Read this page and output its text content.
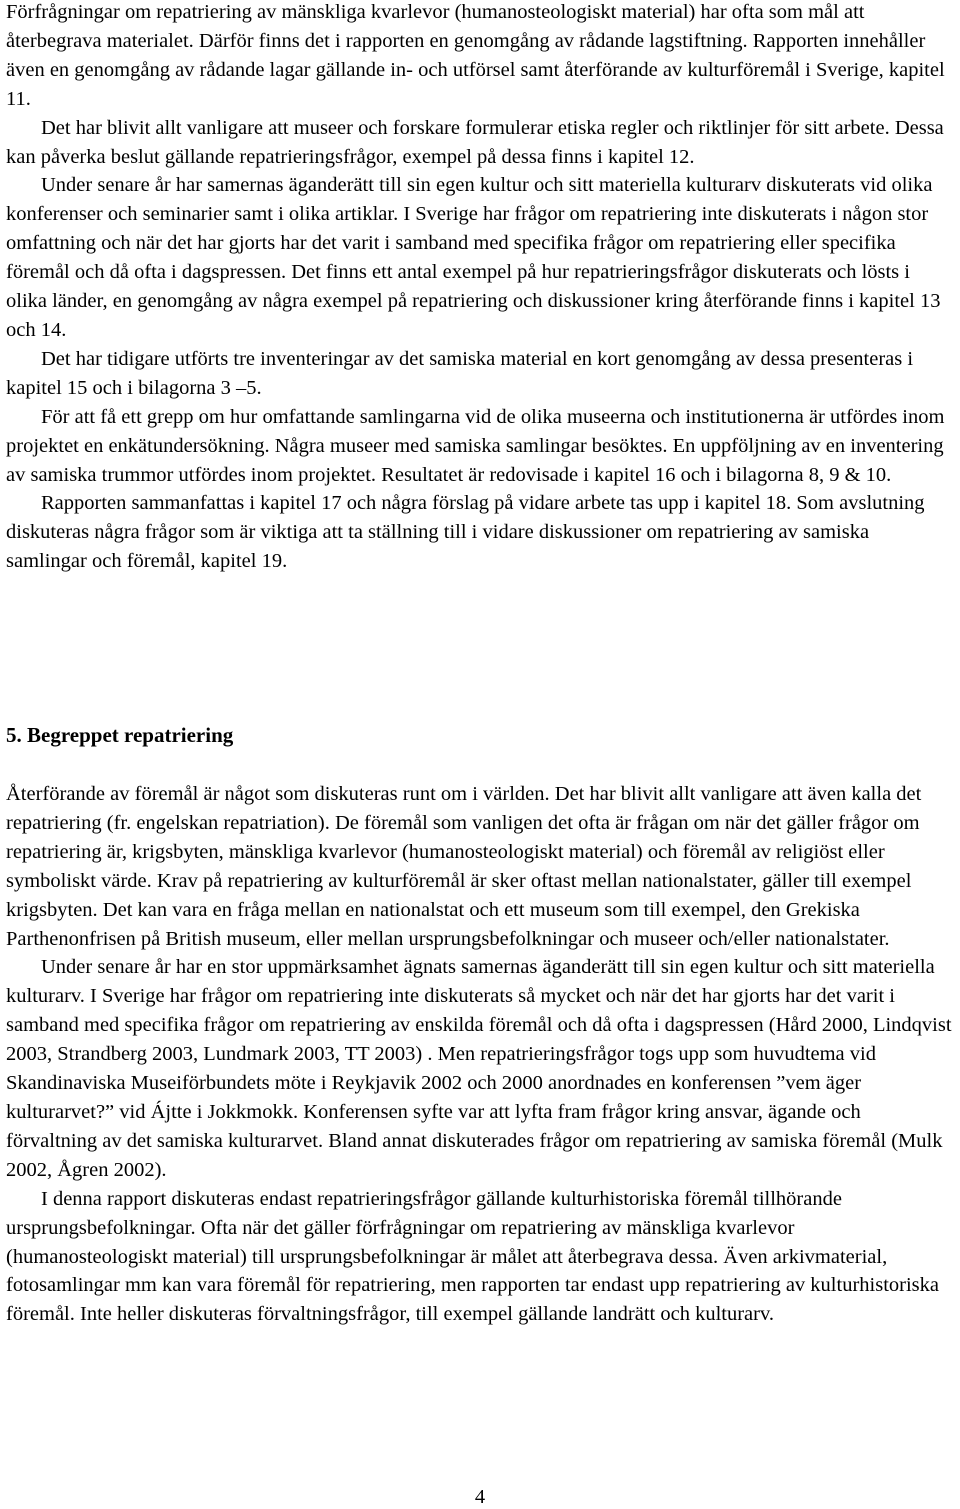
Förfrågningar om repatriering av mänskliga kvarlevor (humanosteologiskt material) har ofta som mål att återbegrava materialet. Därför finns det i rapporten en genomgång av rådande lagstiftning. Rapporten innehåller även en genomgång av rådande lagar gällande in- och utförsel samt återförande av kulturföremål i Sverige, kapitel 11.

Det har blivit allt vanligare att museer och forskare formulerar etiska regler och riktlinjer för sitt arbete. Dessa kan påverka beslut gällande repatrieringsfrågor, exempel på dessa finns i kapitel 12.

Under senare år har samernas äganderätt till sin egen kultur och sitt materiella kulturarv diskuterats vid olika konferenser och seminarier samt i olika artiklar. I Sverige har frågor om repatriering inte diskuterats i någon stor omfattning och när det har gjorts har det varit i samband med specifika frågor om repatriering eller specifika föremål och då ofta i dagspressen. Det finns ett antal exempel på hur repatrieringsfrågor diskuterats och lösts i olika länder, en genomgång av några exempel på repatriering och diskussioner kring återförande finns i kapitel 13 och 14.

Det har tidigare utförts tre inventeringar av det samiska material en kort genomgång av dessa presenteras i kapitel 15 och i bilagorna 3 –5.

För att få ett grepp om hur omfattande samlingarna vid de olika museerna och institutionerna är utfördes inom projektet en enkätundersökning. Några museer med samiska samlingar besöktes. En uppföljning av en inventering av samiska trummor utfördes inom projektet. Resultatet är redovisade i kapitel 16 och i bilagorna 8, 9 & 10.

Rapporten sammanfattas i kapitel 17 och några förslag på vidare arbete tas upp i kapitel 18. Som avslutning diskuteras några frågor som är viktiga att ta ställning till i vidare diskussioner om repatriering av samiska samlingar och föremål, kapitel 19.

5. Begreppet repatriering

Återförande av föremål är något som diskuteras runt om i världen. Det har blivit allt vanligare att även kalla det repatriering (fr. engelskan repatriation). De föremål som vanligen det ofta är frågan om när det gäller frågor om repatriering är, krigsbyten, mänskliga kvarlevor (humanosteologiskt material) och föremål av religiöst eller symboliskt värde. Krav på repatriering av kulturföremål är sker oftast mellan nationalstater, gäller till exempel krigsbyten. Det kan vara en fråga mellan en nationalstat och ett museum som till exempel, den Grekiska Parthenonfrisen på British museum, eller mellan ursprungsbefolkningar och museer och/eller nationalstater.

Under senare år har en stor uppmärksamhet ägnats samernas äganderätt till sin egen kultur och sitt materiella kulturarv. I Sverige har frågor om repatriering inte diskuterats så mycket och när det har gjorts har det varit i samband med specifika frågor om repatriering av enskilda föremål och då ofta i dagspressen (Hård 2000, Lindqvist 2003, Strandberg 2003, Lundmark 2003, TT 2003) . Men repatrieringsfrågor togs upp som huvudtema vid Skandinaviska Museiförbundets möte i Reykjavik 2002 och 2000 anordnades en konferensen ”vem äger kulturarvet?” vid Ájtte i Jokkmokk. Konferensen syfte var att lyfta fram frågor kring ansvar, ägande och förvaltning av det samiska kulturarvet. Bland annat diskuterades frågor om repatriering av samiska föremål (Mulk 2002, Ågren 2002).

I denna rapport diskuteras endast repatrieringsfrågor gällande kulturhistoriska föremål tillhörande ursprungsbefolkningar. Ofta när det gäller förfrågningar om repatriering av mänskliga kvarlevor (humanosteologiskt material) till ursprungsbefolkningar är målet att återbegrava dessa. Även arkivmaterial, fotosamlingar mm kan vara föremål för repatriering, men rapporten tar endast upp repatriering av kulturhistoriska föremål. Inte heller diskuteras förvaltningsfrågor, till exempel gällande landrätt och kulturarv.

4
